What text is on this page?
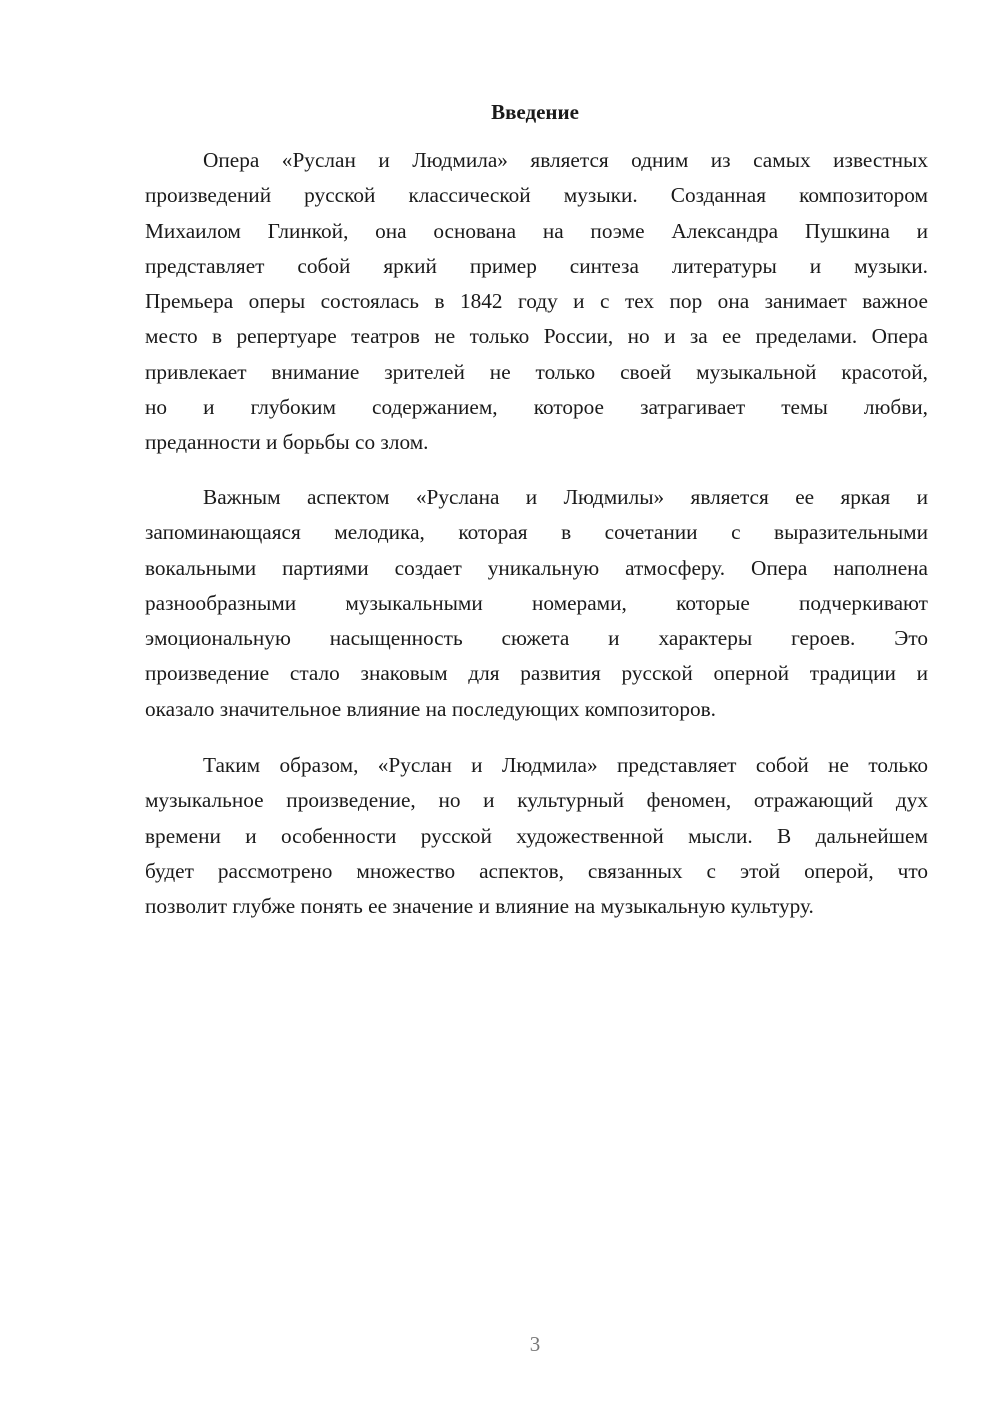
Введение
Опера «Руслан и Людмила» является одним из самых известных
произведений русской классической музыки. Созданная композитором
Михаилом Глинкой, она основана на поэме Александра Пушкина и
представляет собой яркий пример синтеза литературы и музыки.
Премьера оперы состоялась в 1842 году и с тех пор она занимает важное
место в репертуаре театров не только России, но и за ее пределами. Опера
привлекает внимание зрителей не только своей музыкальной красотой,
но и глубоким содержанием, которое затрагивает темы любви,
преданности и борьбы со злом.
Важным аспектом «Руслана и Людмилы» является ее яркая и
запоминающаяся мелодика, которая в сочетании с выразительными
вокальными партиями создает уникальную атмосферу. Опера наполнена
разнообразными музыкальными номерами, которые подчеркивают
эмоциональную насыщенность сюжета и характеры героев. Это
произведение стало знаковым для развития русской оперной традиции и
оказало значительное влияние на последующих композиторов.
Таким образом, «Руслан и Людмила» представляет собой не только
музыкальное произведение, но и культурный феномен, отражающий дух
времени и особенности русской художественной мысли. В дальнейшем
будет рассмотрено множество аспектов, связанных с этой оперой, что
позволит глубже понять ее значение и влияние на музыкальную культуру.
3
